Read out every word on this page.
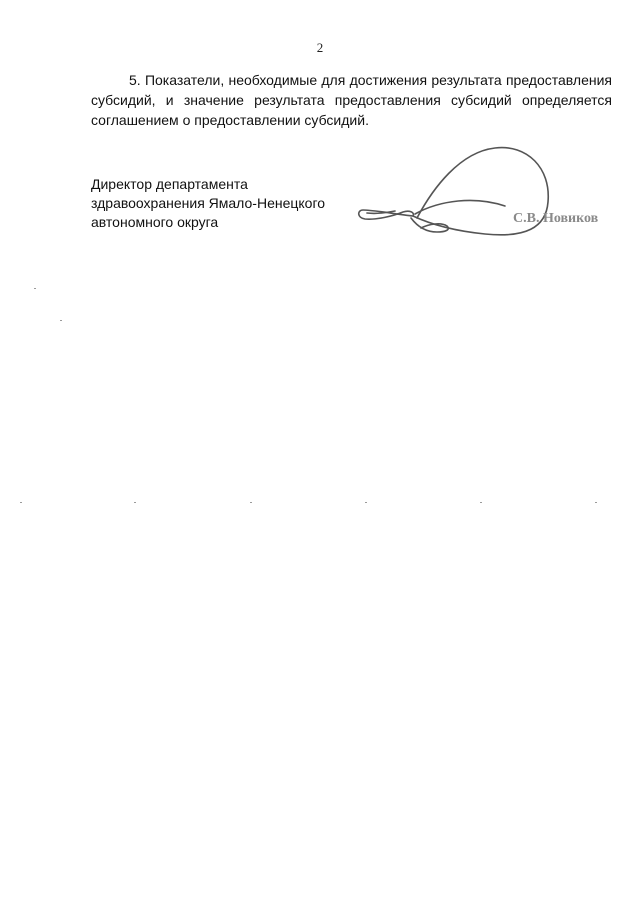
2

5. Показатели, необходимые для достижения результата предоставления субсидий, и значение результата предоставления субсидий определяется соглашением о предоставлении субсидий.

Директор департамента
здравоохранения Ямало-Ненецкого
автономного округа	С.В. Новиков
